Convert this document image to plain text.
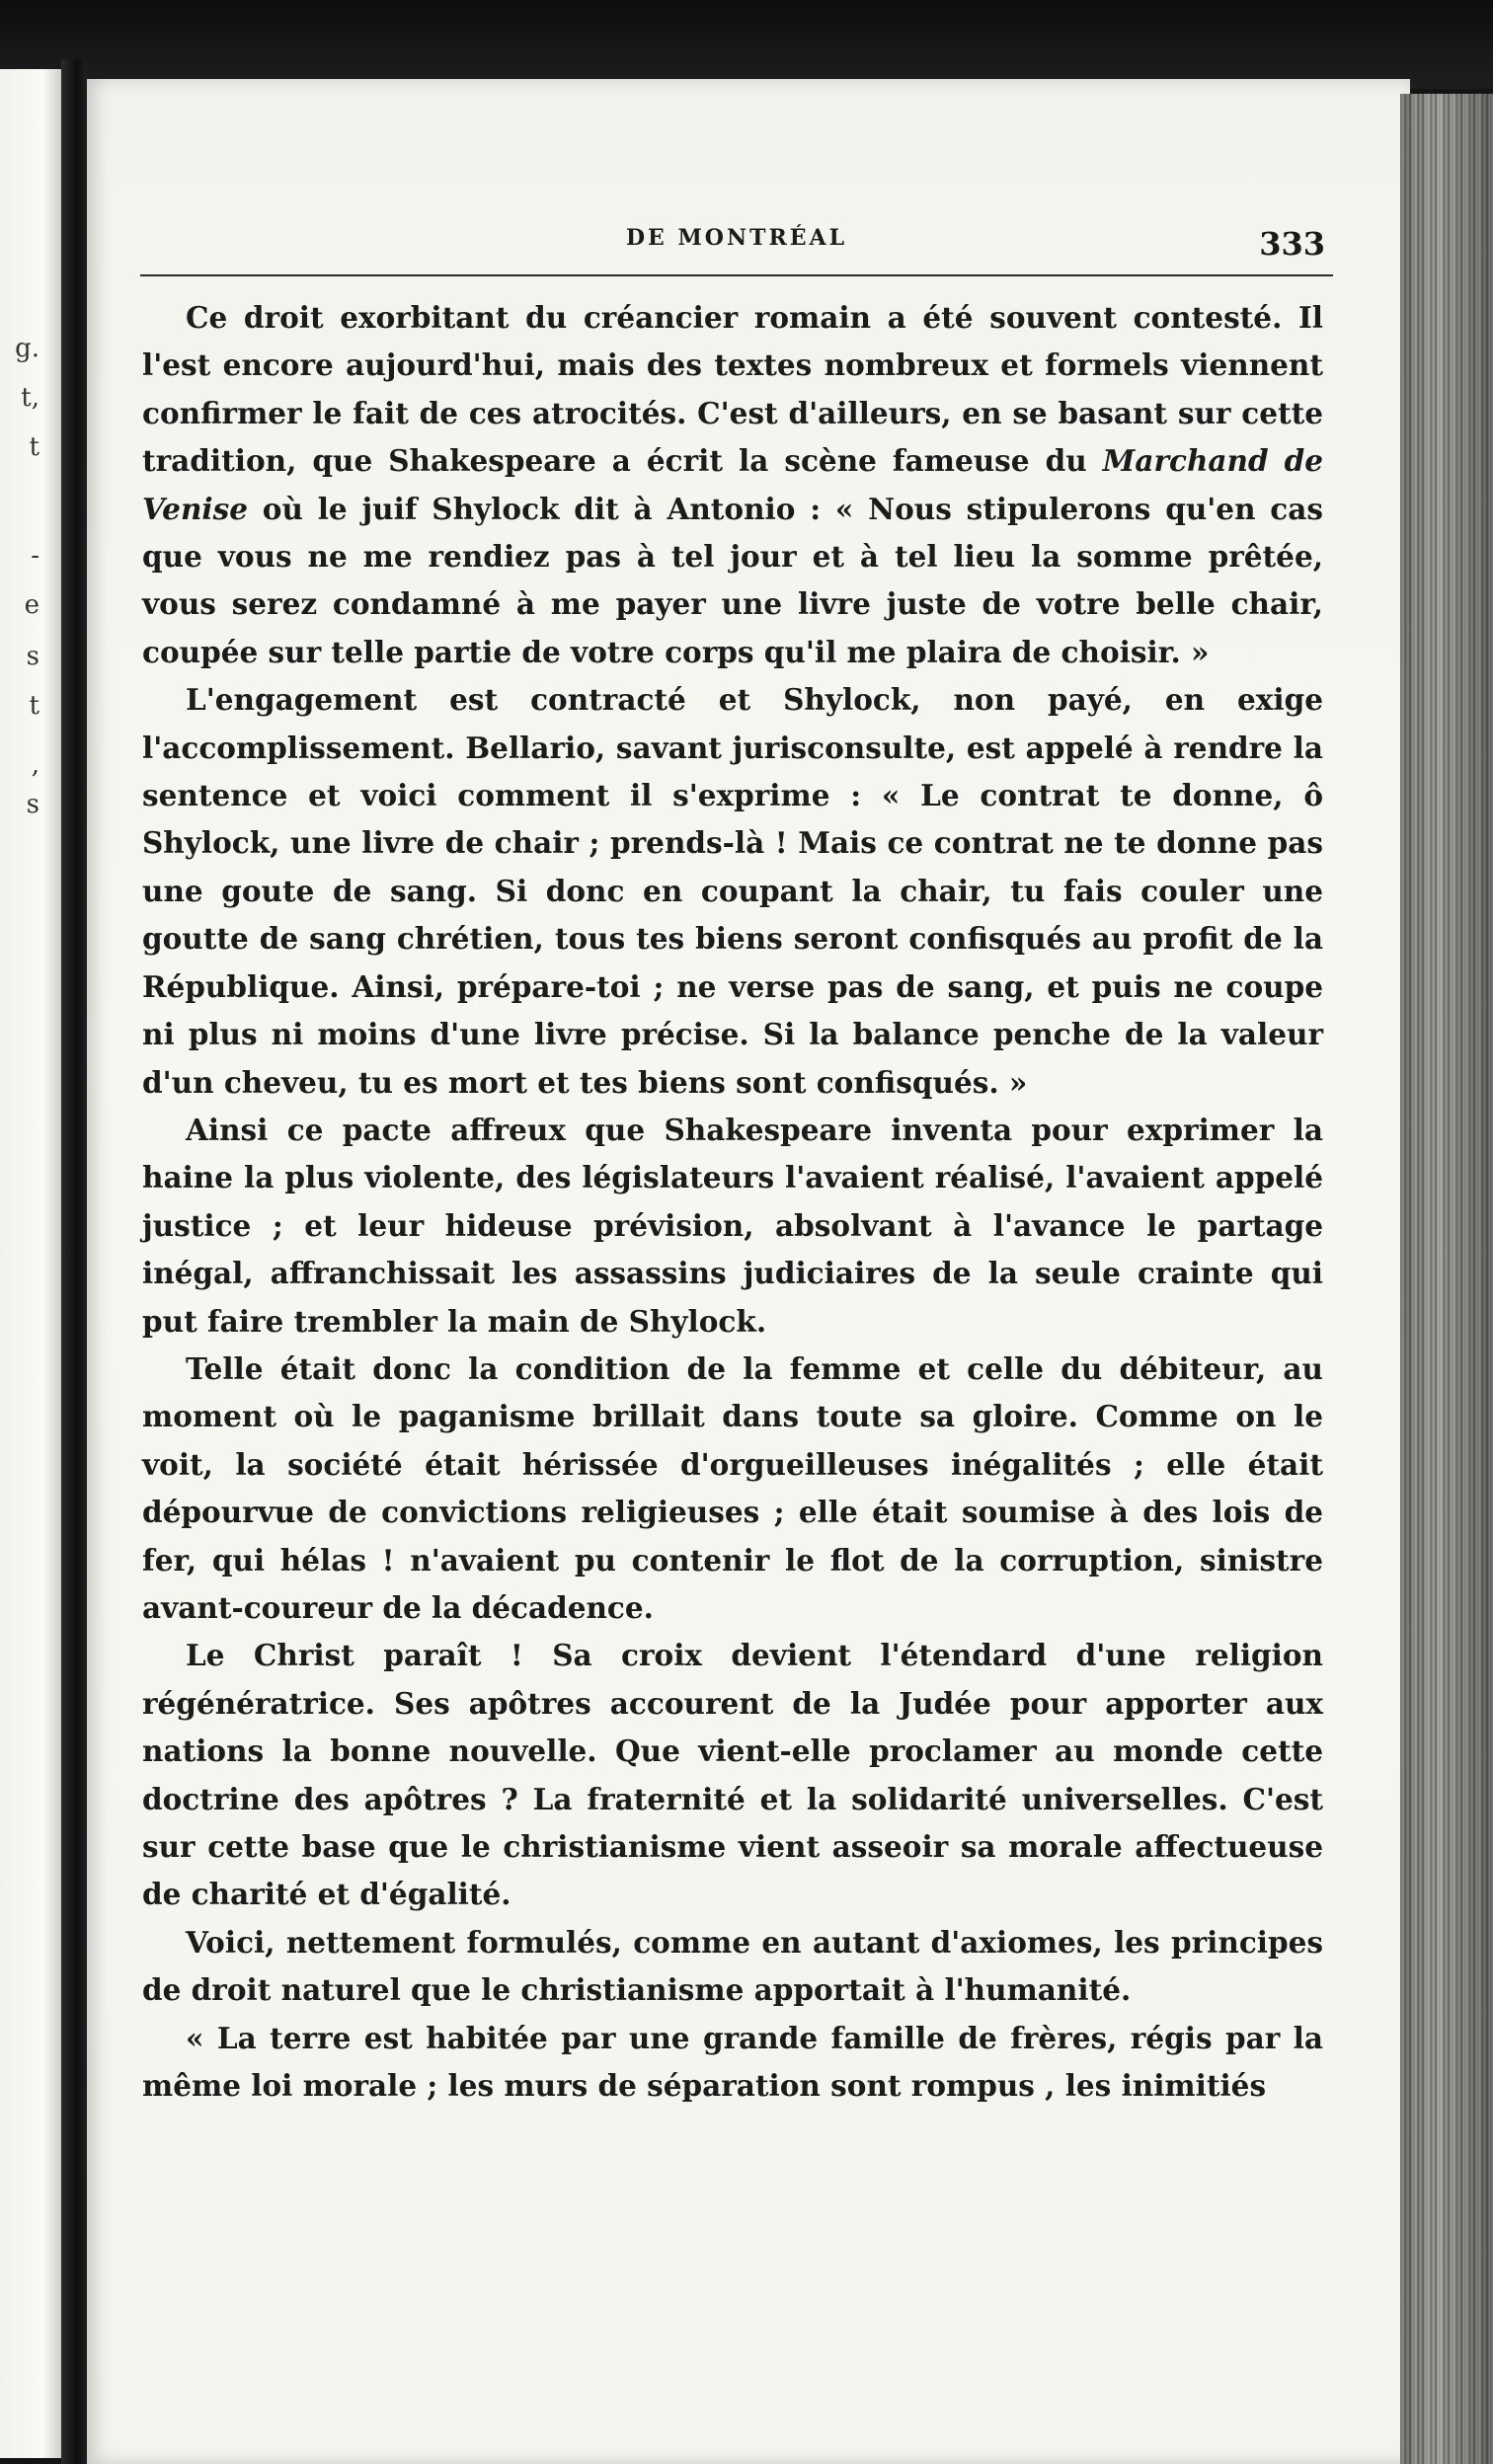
g.
t,
t
-
e
s
t
,
s
DE MONTRÉAL	333

Ce droit exorbitant du créancier romain a été souvent contesté. Il l'est encore aujourd'hui, mais des textes nombreux et formels viennent confirmer le fait de ces atrocités. C'est d'ailleurs, en se basant sur cette tradition, que Shakespeare a écrit la scène fameuse du Marchand de Venise où le juif Shylock dit à Antonio : « Nous stipulerons qu'en cas que vous ne me rendiez pas à tel jour et à tel lieu la somme prêtée, vous serez condamné à me payer une livre juste de votre belle chair, coupée sur telle partie de votre corps qu'il me plaira de choisir. »

L'engagement est contracté et Shylock, non payé, en exige l'accomplissement. Bellario, savant jurisconsulte, est appelé à rendre la sentence et voici comment il s'exprime : « Le contrat te donne, ô Shylock, une livre de chair ; prends-là ! Mais ce contrat ne te donne pas une goute de sang. Si donc en coupant la chair, tu fais couler une goutte de sang chrétien, tous tes biens seront confisqués au profit de la République. Ainsi, prépare-toi ; ne verse pas de sang, et puis ne coupe ni plus ni moins d'une livre précise. Si la balance penche de la valeur d'un cheveu, tu es mort et tes biens sont confisqués. »

Ainsi ce pacte affreux que Shakespeare inventa pour exprimer la haine la plus violente, des législateurs l'avaient réalisé, l'avaient appelé justice ; et leur hideuse prévision, absolvant à l'avance le partage inégal, affranchissait les assassins judiciaires de la seule crainte qui put faire trembler la main de Shylock.

Telle était donc la condition de la femme et celle du débiteur, au moment où le paganisme brillait dans toute sa gloire. Comme on le voit, la société était hérissée d'orgueilleuses inégalités ; elle était dépourvue de convictions religieuses ; elle était soumise à des lois de fer, qui hélas ! n'avaient pu contenir le flot de la corruption, sinistre avant-coureur de la décadence.

Le Christ paraît ! Sa croix devient l'étendard d'une religion régénératrice. Ses apôtres accourent de la Judée pour apporter aux nations la bonne nouvelle. Que vient-elle proclamer au monde cette doctrine des apôtres ? La fraternité et la solidarité universelles. C'est sur cette base que le christianisme vient asseoir sa morale affectueuse de charité et d'égalité.

Voici, nettement formulés, comme en autant d'axiomes, les principes de droit naturel que le christianisme apportait à l'humanité.

« La terre est habitée par une grande famille de frères, régis par la même loi morale ; les murs de séparation sont rompus , les inimitiés
